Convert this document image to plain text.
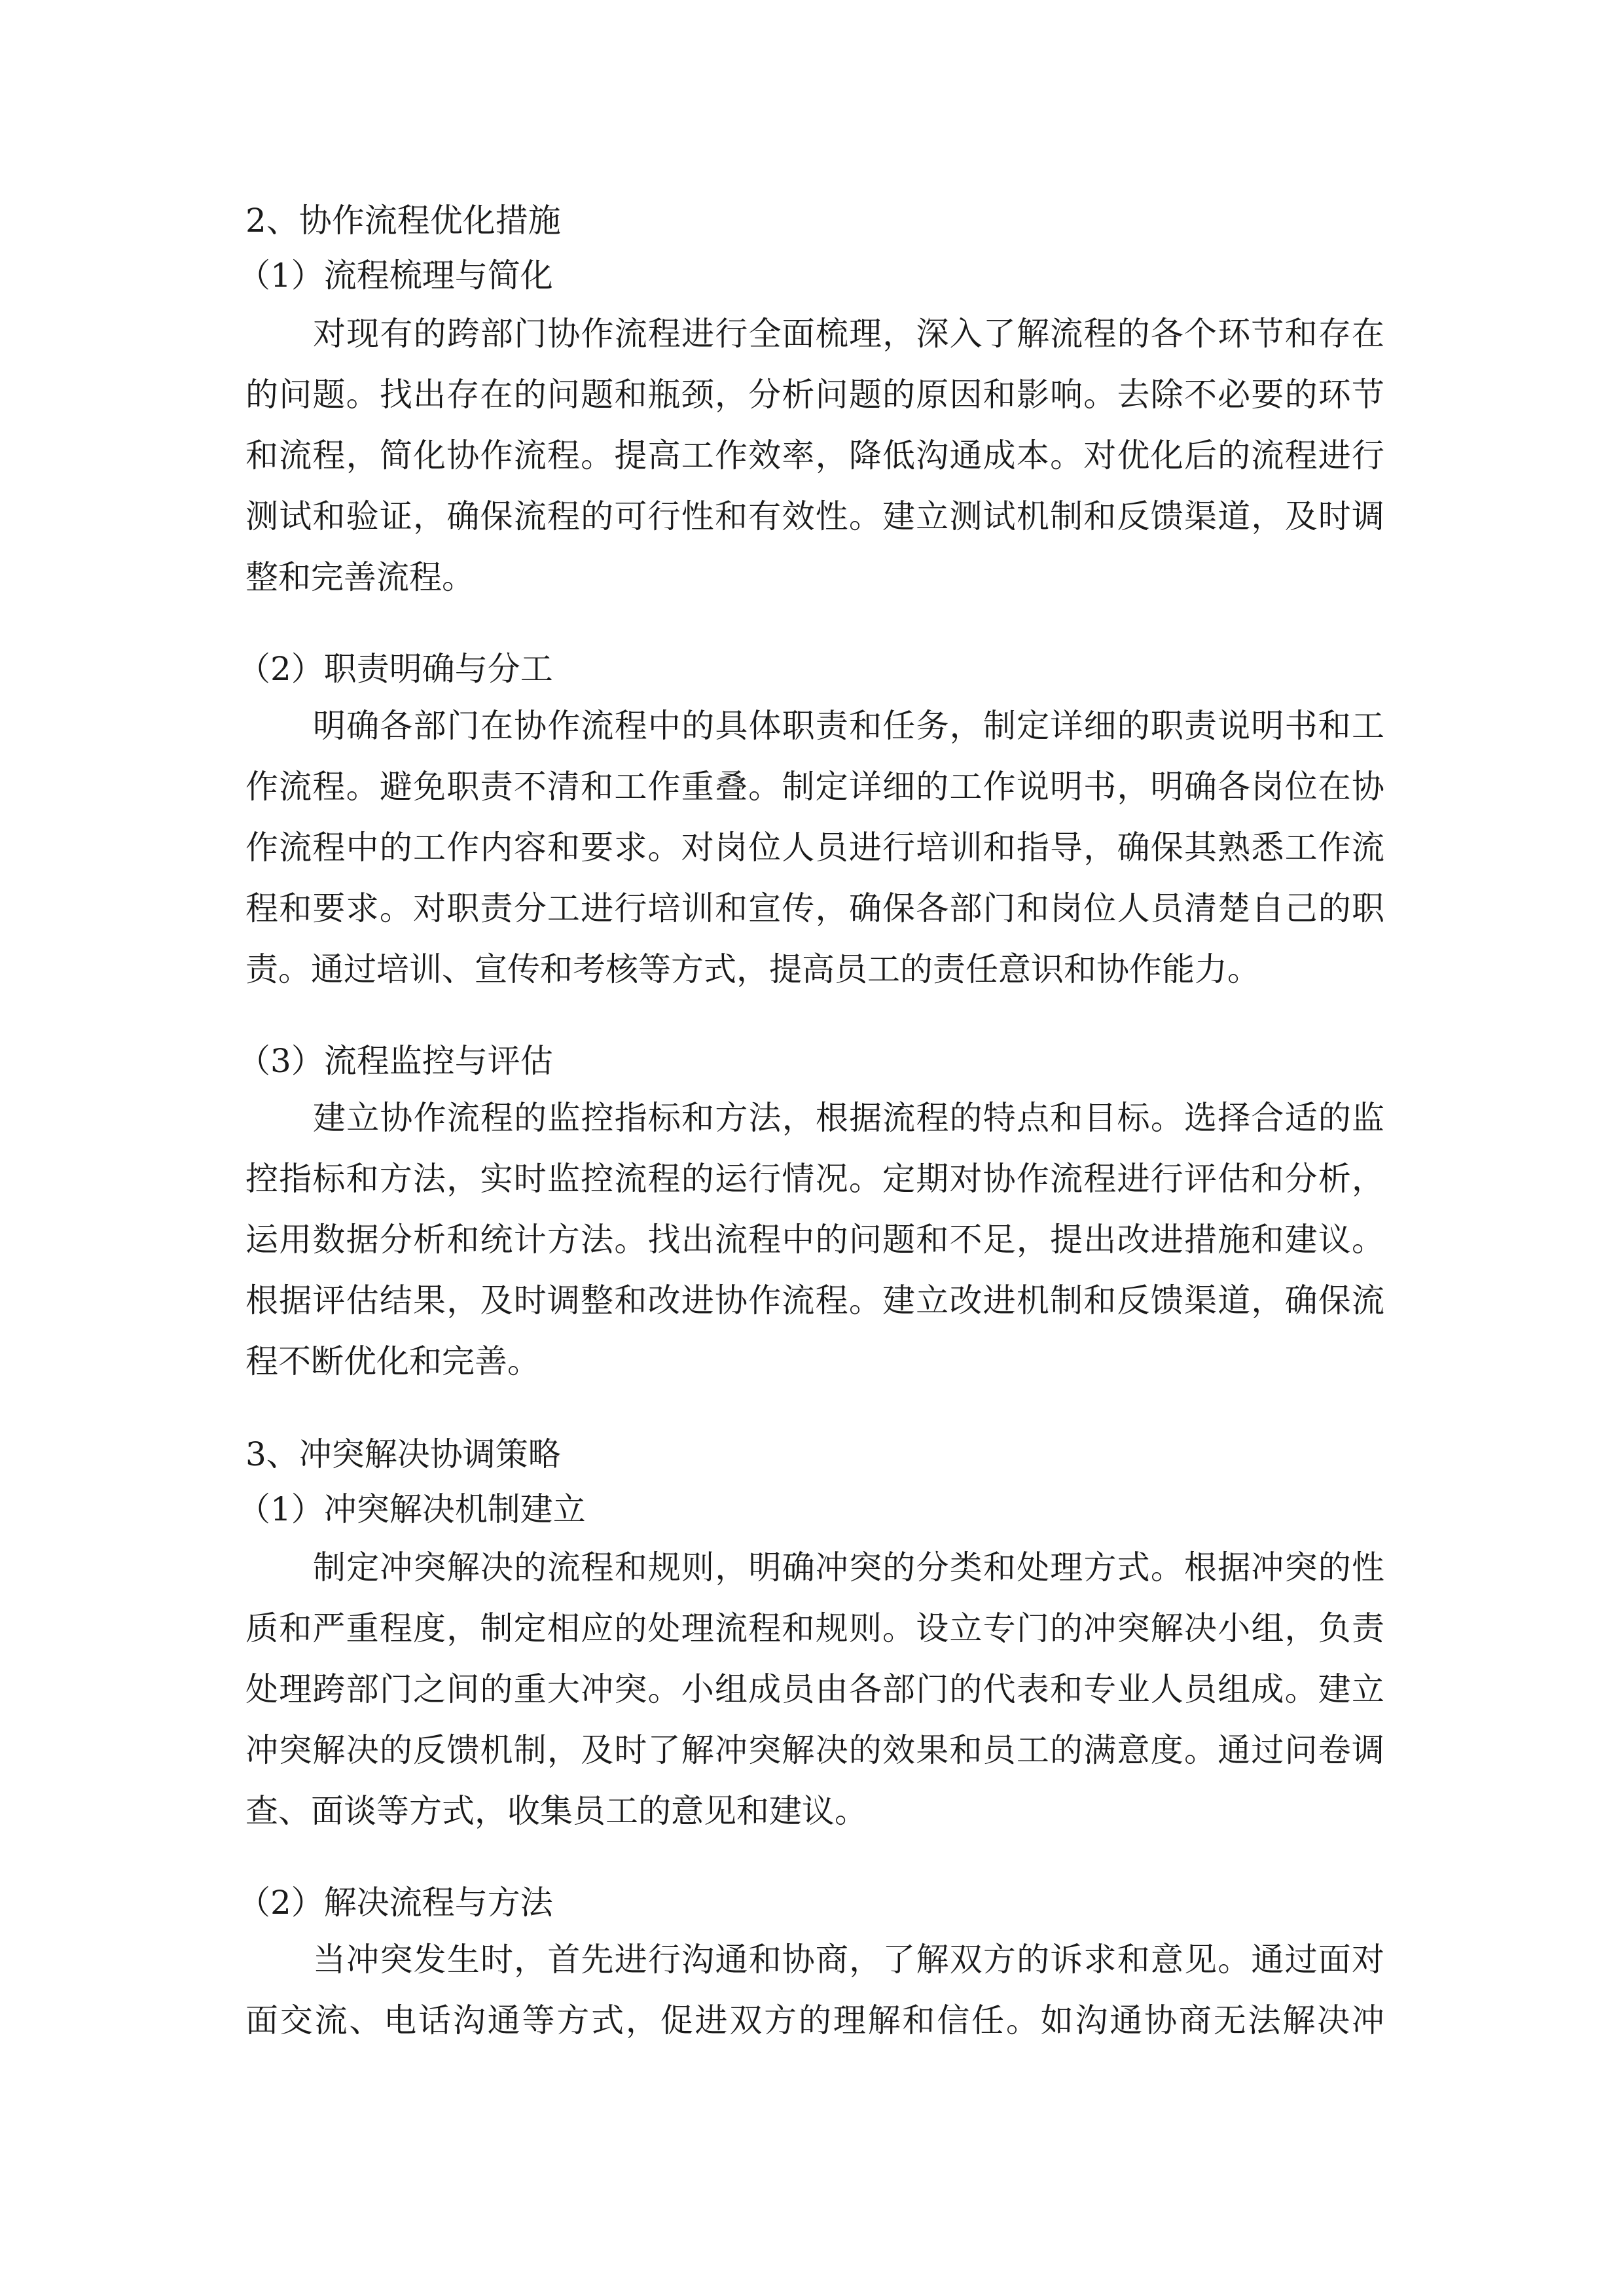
2、协作流程优化措施
（1）流程梳理与简化
对现有的跨部门协作流程进行全面梳理，深入了解流程的各个环节和存在
的问题。找出存在的问题和瓶颈，分析问题的原因和影响。去除不必要的环节
和流程，简化协作流程。提高工作效率，降低沟通成本。对优化后的流程进行
测试和验证，确保流程的可行性和有效性。建立测试机制和反馈渠道，及时调
整和完善流程。
（2）职责明确与分工
明确各部门在协作流程中的具体职责和任务，制定详细的职责说明书和工
作流程。避免职责不清和工作重叠。制定详细的工作说明书，明确各岗位在协
作流程中的工作内容和要求。对岗位人员进行培训和指导，确保其熟悉工作流
程和要求。对职责分工进行培训和宣传，确保各部门和岗位人员清楚自己的职
责。通过培训、宣传和考核等方式，提高员工的责任意识和协作能力。
（3）流程监控与评估
建立协作流程的监控指标和方法，根据流程的特点和目标。选择合适的监
控指标和方法，实时监控流程的运行情况。定期对协作流程进行评估和分析，
运用数据分析和统计方法。找出流程中的问题和不足，提出改进措施和建议。
根据评估结果，及时调整和改进协作流程。建立改进机制和反馈渠道，确保流
程不断优化和完善。
3、冲突解决协调策略
（1）冲突解决机制建立
制定冲突解决的流程和规则，明确冲突的分类和处理方式。根据冲突的性
质和严重程度，制定相应的处理流程和规则。设立专门的冲突解决小组，负责
处理跨部门之间的重大冲突。小组成员由各部门的代表和专业人员组成。建立
冲突解决的反馈机制，及时了解冲突解决的效果和员工的满意度。通过问卷调
查、面谈等方式，收集员工的意见和建议。
（2）解决流程与方法
当冲突发生时，首先进行沟通和协商，了解双方的诉求和意见。通过面对
面交流、电话沟通等方式，促进双方的理解和信任。如沟通协商无法解决冲
